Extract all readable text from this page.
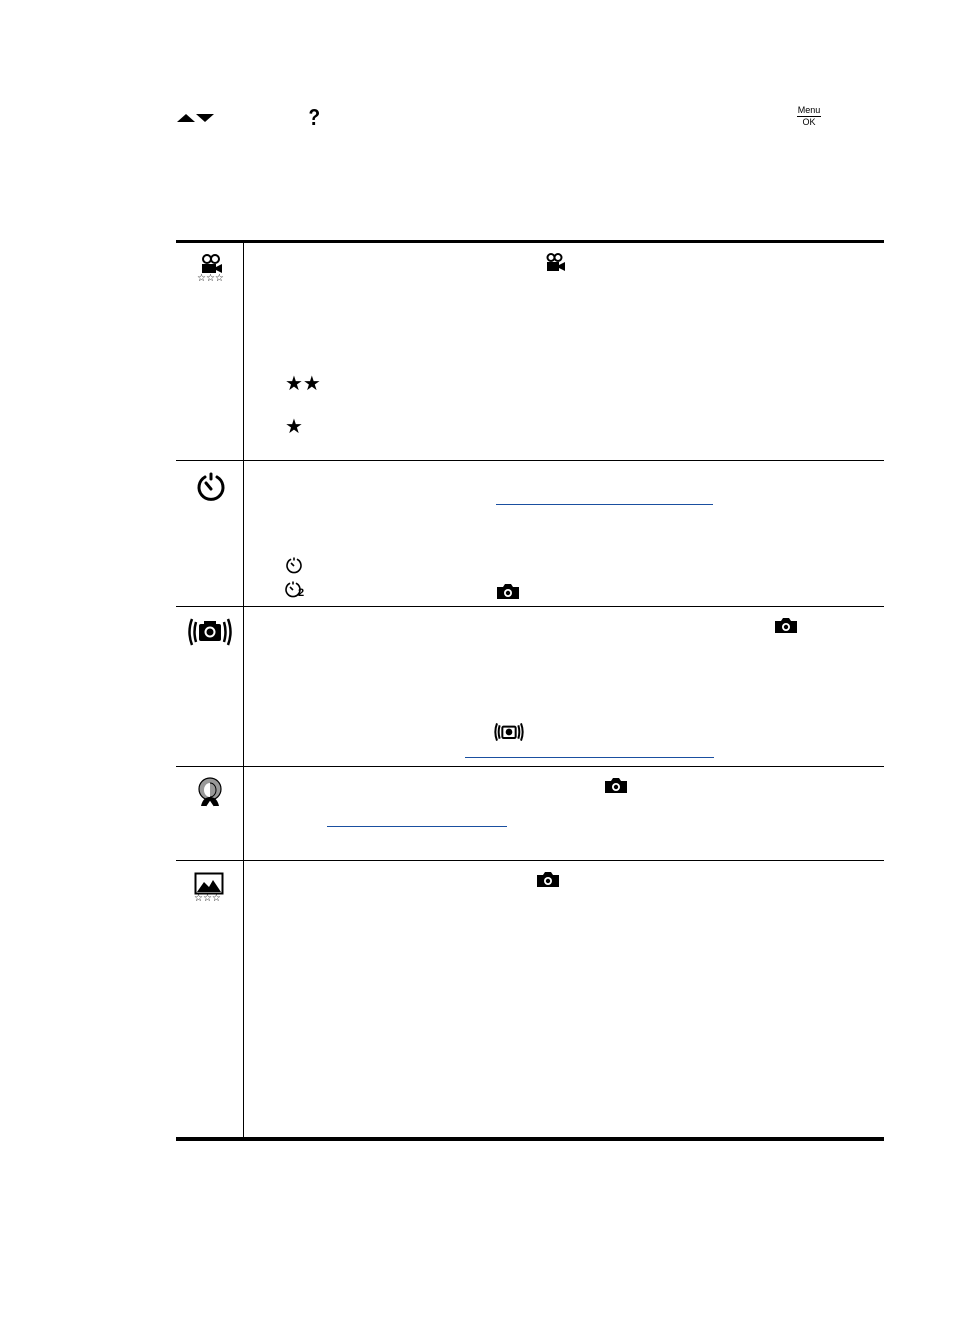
Menu
OK
☆☆☆
★★
★
2
☆☆☆
